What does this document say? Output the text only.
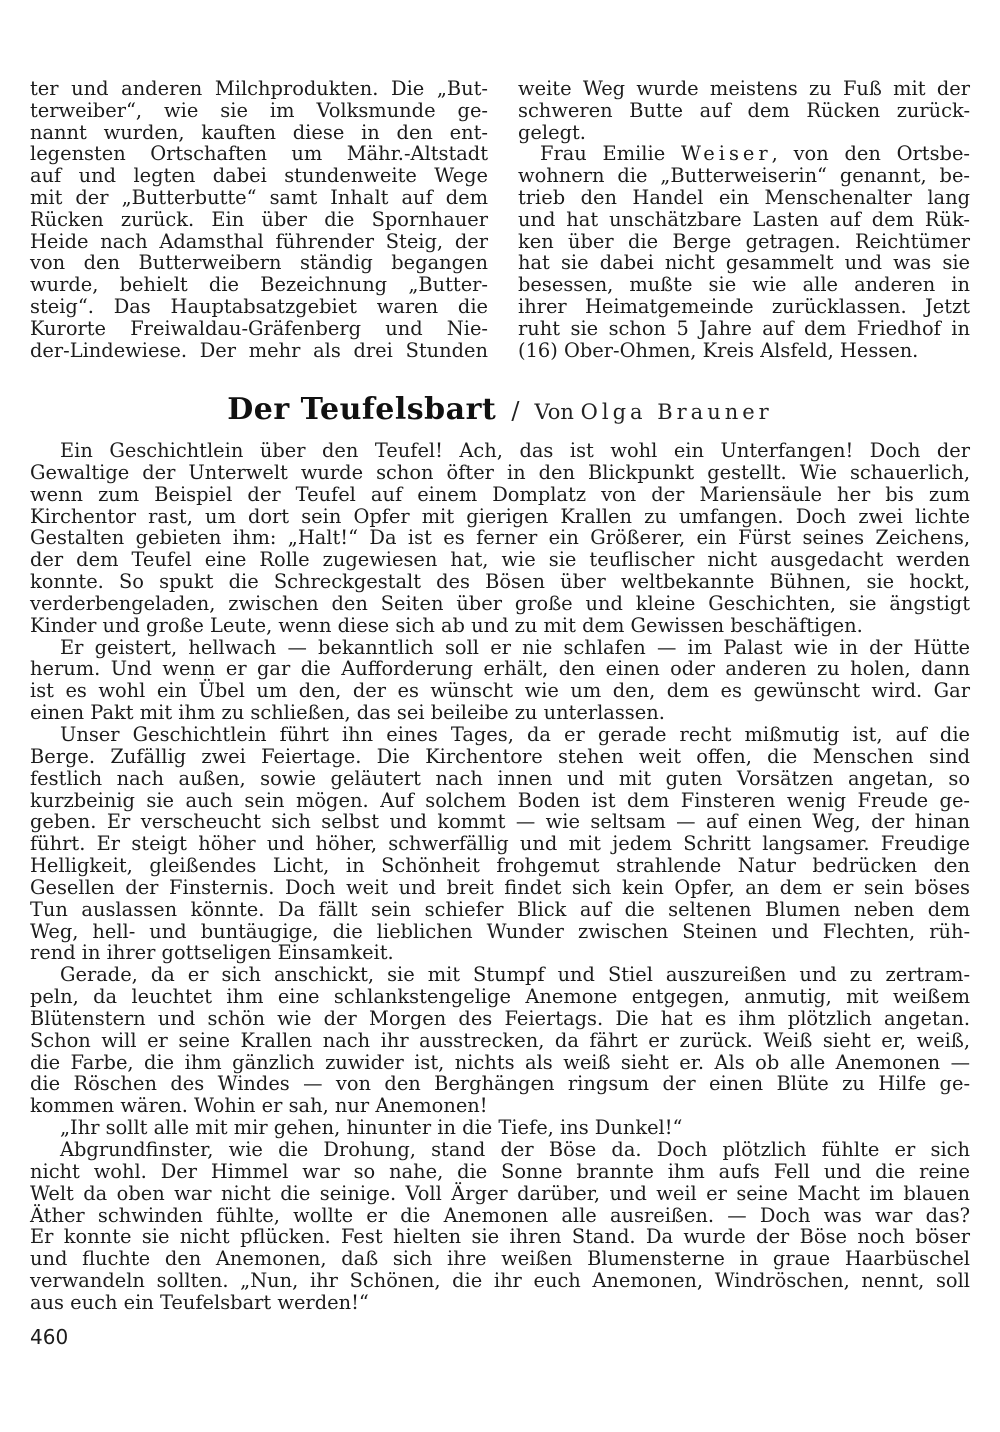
ter und anderen Milchprodukten. Die „But-
terweiber“, wie sie im Volksmunde ge-
nannt wurden, kauften diese in den ent-
legensten Ortschaften um Mähr.-Altstadt
auf und legten dabei stundenweite Wege
mit der „Butterbutte“ samt Inhalt auf dem
Rücken zurück. Ein über die Spornhauer
Heide nach Adamsthal führender Steig, der
von den Butterweibern ständig begangen
wurde, behielt die Bezeichnung „Butter-
steig“. Das Hauptabsatzgebiet waren die
Kurorte Freiwaldau-Gräfenberg und Nie-
der-Lindewiese. Der mehr als drei Stunden
weite Weg wurde meistens zu Fuß mit der
schweren Butte auf dem Rücken zurück-
gelegt.
Frau Emilie Weiser, von den Ortsbe-
wohnern die „Butterweiserin“ genannt, be-
trieb den Handel ein Menschenalter lang
und hat unschätzbare Lasten auf dem Rük-
ken über die Berge getragen. Reichtümer
hat sie dabei nicht gesammelt und was sie
besessen, mußte sie wie alle anderen in
ihrer Heimatgemeinde zurücklassen. Jetzt
ruht sie schon 5 Jahre auf dem Friedhof in
(16) Ober-Ohmen, Kreis Alsfeld, Hessen.
Der Teufelsbart / Von Olga Brauner
Ein Geschichtlein über den Teufel! Ach, das ist wohl ein Unterfangen! Doch der
Gewaltige der Unterwelt wurde schon öfter in den Blickpunkt gestellt. Wie schauerlich,
wenn zum Beispiel der Teufel auf einem Domplatz von der Mariensäule her bis zum
Kirchentor rast, um dort sein Opfer mit gierigen Krallen zu umfangen. Doch zwei lichte
Gestalten gebieten ihm: „Halt!“ Da ist es ferner ein Größerer, ein Fürst seines Zeichens,
der dem Teufel eine Rolle zugewiesen hat, wie sie teuflischer nicht ausgedacht werden
konnte. So spukt die Schreckgestalt des Bösen über weltbekannte Bühnen, sie hockt,
verderbengeladen, zwischen den Seiten über große und kleine Geschichten, sie ängstigt
Kinder und große Leute, wenn diese sich ab und zu mit dem Gewissen beschäftigen.
Er geistert, hellwach — bekanntlich soll er nie schlafen — im Palast wie in der Hütte
herum. Und wenn er gar die Aufforderung erhält, den einen oder anderen zu holen, dann
ist es wohl ein Übel um den, der es wünscht wie um den, dem es gewünscht wird. Gar
einen Pakt mit ihm zu schließen, das sei beileibe zu unterlassen.
Unser Geschichtlein führt ihn eines Tages, da er gerade recht mißmutig ist, auf die
Berge. Zufällig zwei Feiertage. Die Kirchentore stehen weit offen, die Menschen sind
festlich nach außen, sowie geläutert nach innen und mit guten Vorsätzen angetan, so
kurzbeinig sie auch sein mögen. Auf solchem Boden ist dem Finsteren wenig Freude ge-
geben. Er verscheucht sich selbst und kommt — wie seltsam — auf einen Weg, der hinan
führt. Er steigt höher und höher, schwerfällig und mit jedem Schritt langsamer. Freudige
Helligkeit, gleißendes Licht, in Schönheit frohgemut strahlende Natur bedrücken den
Gesellen der Finsternis. Doch weit und breit findet sich kein Opfer, an dem er sein böses
Tun auslassen könnte. Da fällt sein schiefer Blick auf die seltenen Blumen neben dem
Weg, hell- und buntäugige, die lieblichen Wunder zwischen Steinen und Flechten, rüh-
rend in ihrer gottseligen Einsamkeit.
Gerade, da er sich anschickt, sie mit Stumpf und Stiel auszureißen und zu zertram-
peln, da leuchtet ihm eine schlankstengelige Anemone entgegen, anmutig, mit weißem
Blütenstern und schön wie der Morgen des Feiertags. Die hat es ihm plötzlich angetan.
Schon will er seine Krallen nach ihr ausstrecken, da fährt er zurück. Weiß sieht er, weiß,
die Farbe, die ihm gänzlich zuwider ist, nichts als weiß sieht er. Als ob alle Anemonen —
die Röschen des Windes — von den Berghängen ringsum der einen Blüte zu Hilfe ge-
kommen wären. Wohin er sah, nur Anemonen!
„Ihr sollt alle mit mir gehen, hinunter in die Tiefe, ins Dunkel!“
Abgrundfinster, wie die Drohung, stand der Böse da. Doch plötzlich fühlte er sich
nicht wohl. Der Himmel war so nahe, die Sonne brannte ihm aufs Fell und die reine
Welt da oben war nicht die seinige. Voll Ärger darüber, und weil er seine Macht im blauen
Äther schwinden fühlte, wollte er die Anemonen alle ausreißen. — Doch was war das?
Er konnte sie nicht pflücken. Fest hielten sie ihren Stand. Da wurde der Böse noch böser
und fluchte den Anemonen, daß sich ihre weißen Blumensterne in graue Haarbüschel
verwandeln sollten. „Nun, ihr Schönen, die ihr euch Anemonen, Windröschen, nennt, soll
aus euch ein Teufelsbart werden!“
460
